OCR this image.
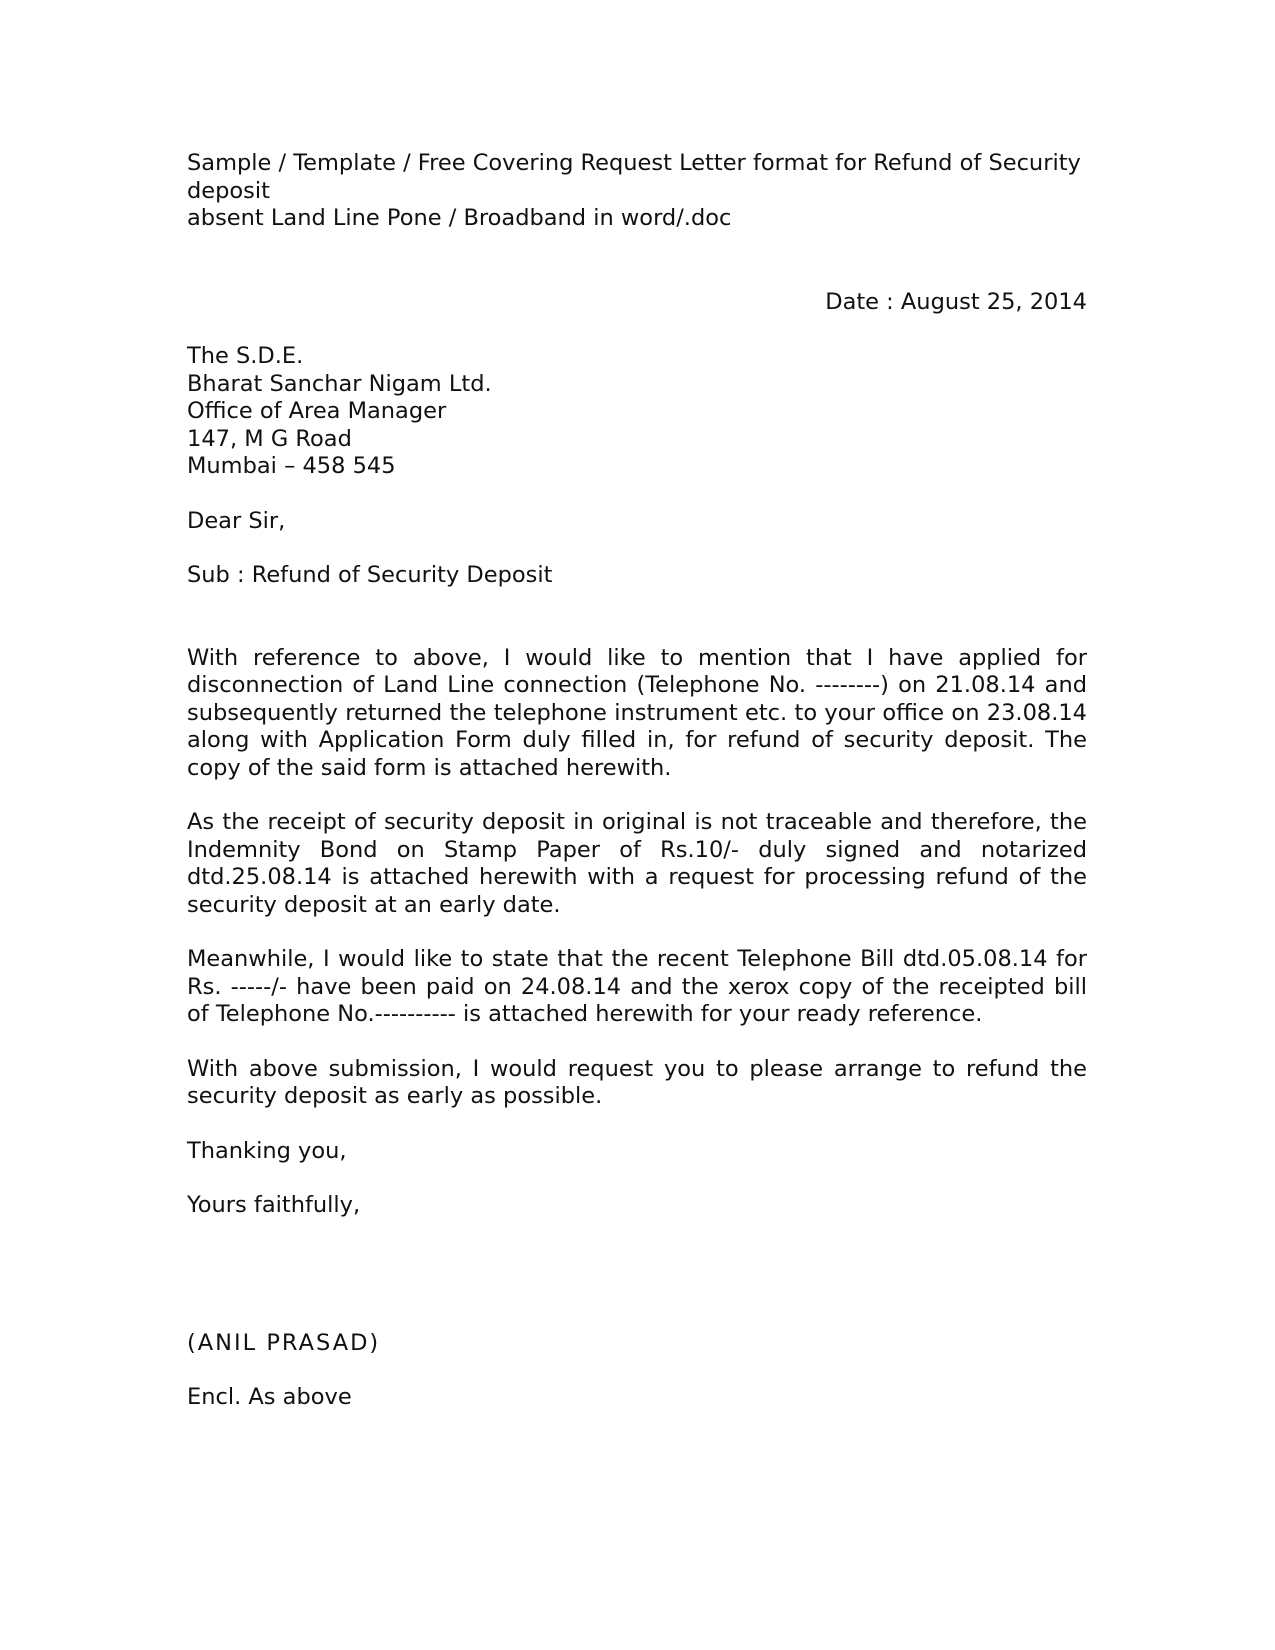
Sample / Template / Free Covering Request Letter format for Refund of Security deposit

absent Land Line Pone / Broadband in word/.doc

Date : August 25, 2014

The S.D.E.

Bharat Sanchar Nigam Ltd.

Office of Area Manager

147, M G Road

Mumbai – 458 545

Dear Sir,

Sub : Refund of Security Deposit

With reference to above, I would like to mention that I have applied for disconnection of Land Line connection (Telephone No. --------) on 21.08.14 and subsequently returned the telephone instrument etc. to your office on 23.08.14 along with Application Form duly filled in, for refund of security deposit. The copy of the said form is attached herewith.

As the receipt of security deposit in original is not traceable and therefore, the Indemnity Bond on Stamp Paper of Rs.10/- duly signed and notarized dtd.25.08.14 is attached herewith with a request for processing refund of the security deposit at an early date.

Meanwhile, I would like to state that the recent Telephone Bill dtd.05.08.14 for Rs. -----/- have been paid on 24.08.14 and the xerox copy of the receipted bill of Telephone No.---------- is attached herewith for your ready reference.

With above submission, I would request you to please arrange to refund the security deposit as early as possible.

Thanking you,

Yours faithfully,

(ANIL PRASAD)

Encl. As above
